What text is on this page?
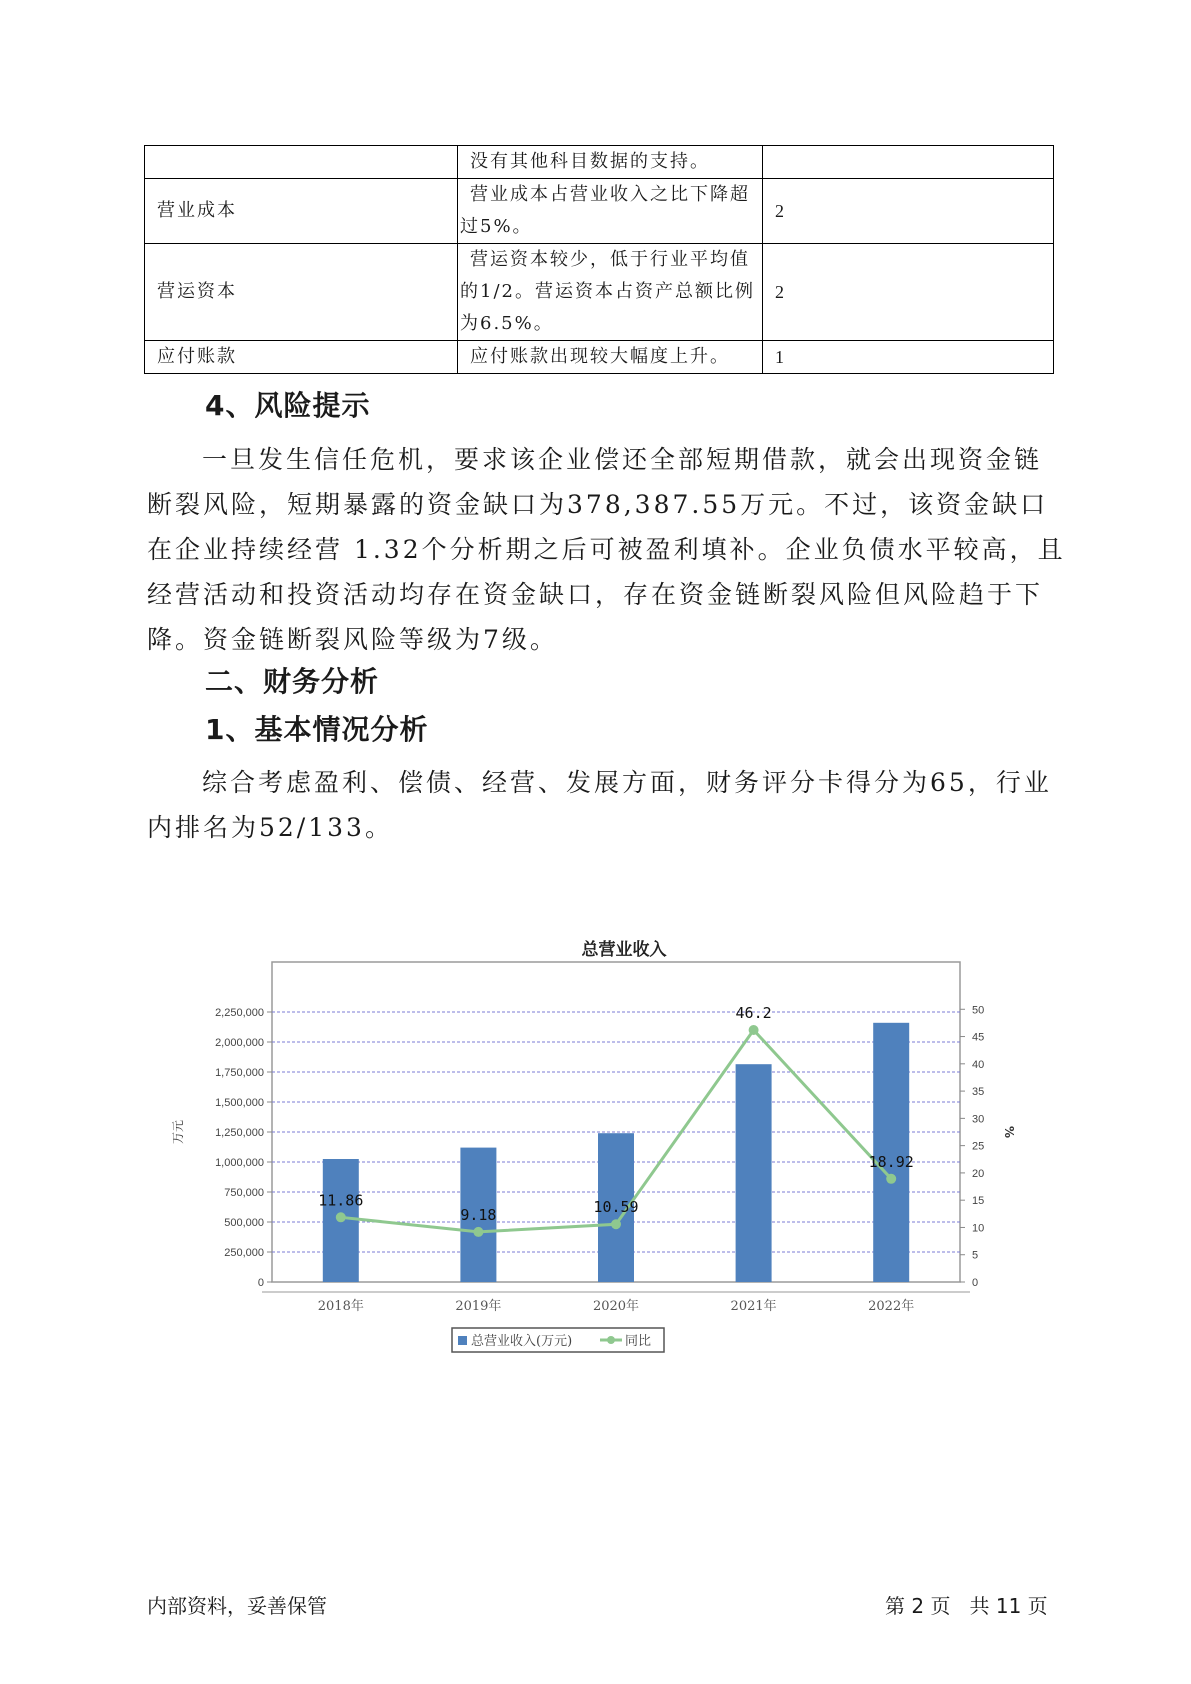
	没有其他科目数据的支持。	
营业成本	营业成本占营业收入之比下降超过5%。	2
营运资本	营运资本较少，低于行业平均值的1/2。营运资本占资产总额比例为6.5%。	2
应付账款	应付账款出现较大幅度上升。	1
4、风险提示
一旦发生信任危机，要求该企业偿还全部短期借款，就会出现资金链断裂风险，短期暴露的资金缺口为378,387.55万元。不过，该资金缺口在企业持续经营 1.32个分析期之后可被盈利填补。企业负债水平较高，且经营活动和投资活动均存在资金缺口，存在资金链断裂风险但风险趋于下降。资金链断裂风险等级为7级。
二、财务分析
1、基本情况分析
综合考虑盈利、偿债、经营、发展方面，财务评分卡得分为65，行业内排名为52/133。
总营业收入
0
250,000
500,000
750,000
1,000,000
1,250,000
1,500,000
1,750,000
2,000,000
2,250,000
0
5
10
15
20
25
30
35
40
45
50
万元	%
2018年	2019年	2020年	2021年	2022年
11.86
9.18	10.59
46.2
18.92
总营业收入(万元)	同比
内部资料，妥善保管	第 2 页   共 11 页
